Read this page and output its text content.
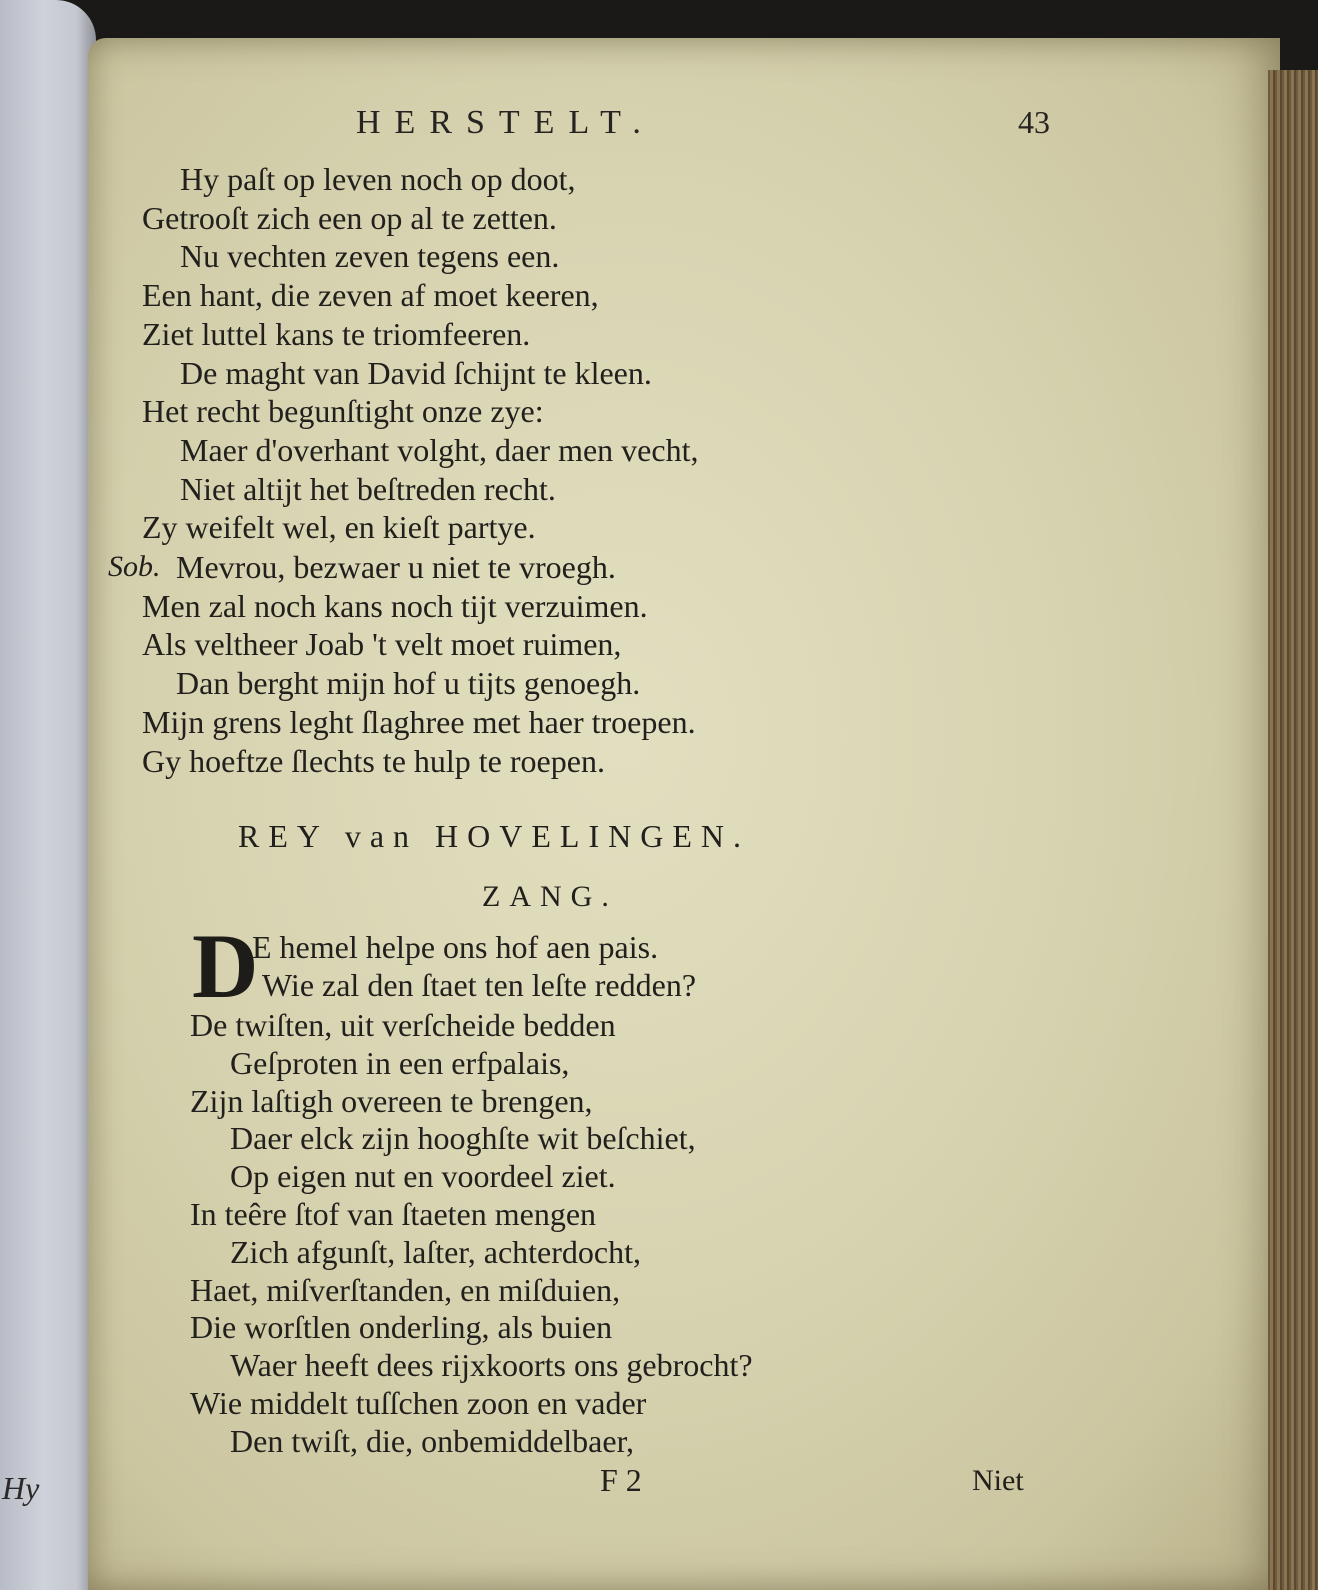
Hy
HERSTELT.	43
Hy paſt op leven noch op doot,
Getrooſt zich een op al te zetten.
Nu vechten zeven tegens een.
Een hant, die zeven af moet keeren,
Ziet luttel kans te triomfeeren.
De maght van David ſchijnt te kleen.
Het recht begunſtight onze zye:
Maer d'overhant volght, daer men vecht,
Niet altijt het beſtreden recht.
Zy weifelt wel, en kieſt partye.
Sob. Mevrou, bezwaer u niet te vroegh.
Men zal noch kans noch tijt verzuimen.
Als veltheer Joab 't velt moet ruimen,
Dan berght mijn hof u tijts genoegh.
Mijn grens leght ſlaghree met haer troepen.
Gy hoeftze ſlechts te hulp te roepen.
REY van HOVELINGEN.
ZANG.
D
E hemel helpe ons hof aen pais.
Wie zal den ſtaet ten leſte redden?
De twiſten, uit verſcheide bedden
Geſproten in een erfpalais,
Zijn laſtigh overeen te brengen,
Daer elck zijn hooghſte wit beſchiet,
Op eigen nut en voordeel ziet.
In teêre ſtof van ſtaeten mengen
Zich afgunſt, laſter, achterdocht,
Haet, miſverſtanden, en miſduien,
Die worſtlen onderling, als buien
Waer heeft dees rijxkoorts ons gebrocht?
Wie middelt tuſſchen zoon en vader
Den twiſt, die, onbemiddelbaer,
F 2	Niet
